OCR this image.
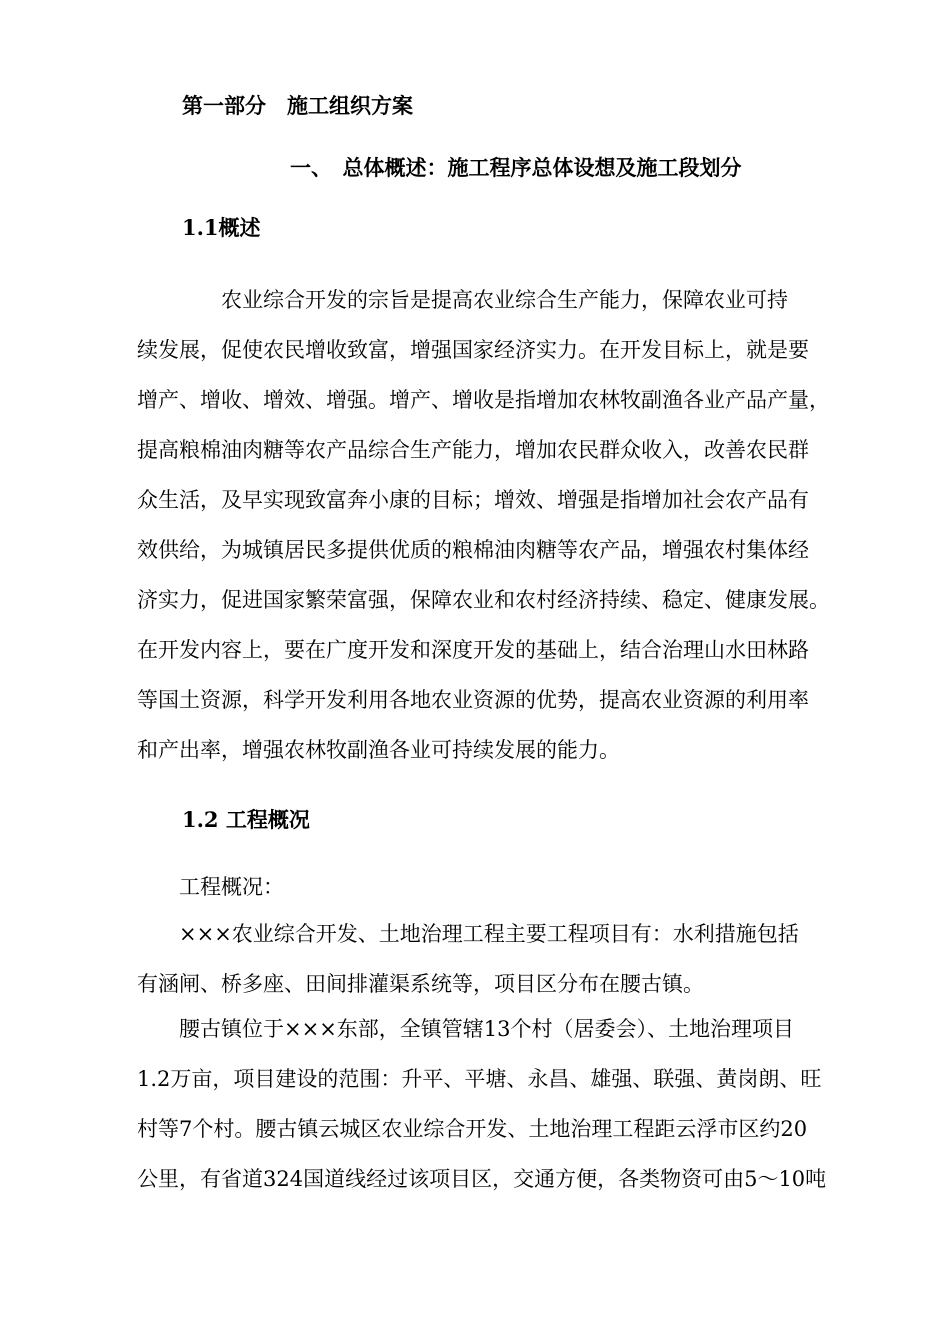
第一部分　施工组织方案
一、　总体概述：施工程序总体设想及施工段划分
1.1概述
　　　　农业综合开发的宗旨是提高农业综合生产能力，保障农业可持
续发展，促使农民增收致富，增强国家经济实力。在开发目标上，就是要
增产、增收、增效、增强。增产、增收是指增加农林牧副渔各业产品产量，
提高粮棉油肉糖等农产品综合生产能力，增加农民群众收入，改善农民群
众生活，及早实现致富奔小康的目标；增效、增强是指增加社会农产品有
效供给，为城镇居民多提供优质的粮棉油肉糖等农产品，增强农村集体经
济实力，促进国家繁荣富强，保障农业和农村经济持续、稳定、健康发展。
在开发内容上，要在广度开发和深度开发的基础上，结合治理山水田林路
等国土资源，科学开发利用各地农业资源的优势，提高农业资源的利用率
和产出率，增强农林牧副渔各业可持续发展的能力。
1.2 工程概况
　　工程概况：
　　×××农业综合开发、土地治理工程主要工程项目有：水利措施包括
有涵闸、桥多座、田间排灌渠系统等，项目区分布在腰古镇。
　　腰古镇位于×××东部，全镇管辖13个村（居委会）、土地治理项目
1.2万亩，项目建设的范围：升平、平塘、永昌、雄强、联强、黄岗朗、旺
村等7个村。腰古镇云城区农业综合开发、土地治理工程距云浮市区约20
公里，有省道324国道线经过该项目区，交通方便，各类物资可由5～10吨
